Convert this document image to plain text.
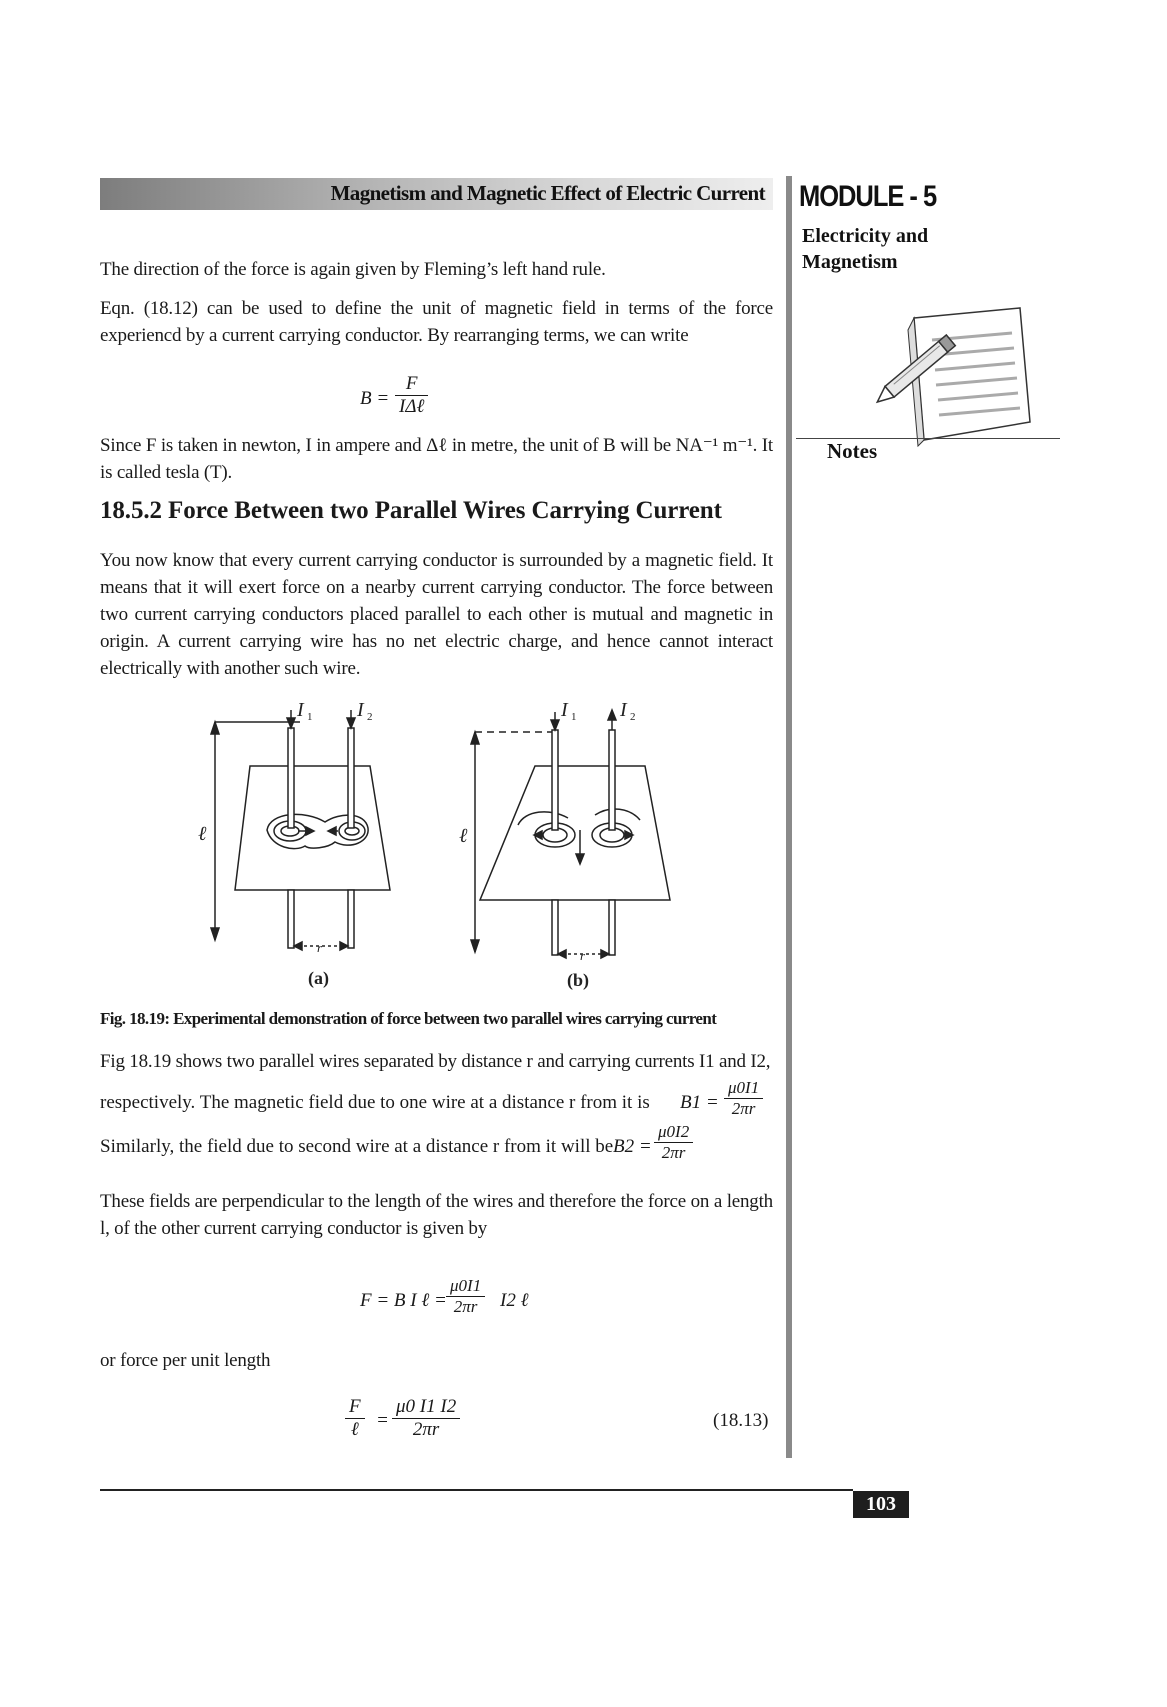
Magnetism and Magnetic Effect of Electric Current MODULE - 5
Electricity and
Magnetism
Notes

The direction of the force is again given by Fleming’s left hand rule.

Eqn. (18.12) can be used to define the unit of magnetic field in terms of the force experiencd by a current carrying conductor. By rearranging terms, we can write

B =
F
IΔℓ

Since F is taken in newton, I in ampere and Δℓ in metre, the unit of B will be NA⁻¹ m⁻¹. It is called tesla (T).

18.5.2 Force Between two Parallel Wires Carrying Current

You now know that every current carrying conductor is surrounded by a magnetic field. It means that it will exert force on a nearby current carrying conductor. The force between two current carrying conductors placed parallel to each other is mutual and magnetic in origin. A current carrying wire has no net electric charge, and hence cannot interact electrically with another such wire.

ℓ
I 1 I 2
r
(a)
ℓ
I 1 I 2
r
(b)
Fig. 18.19: Experimental demonstration of force between two parallel wires carrying current

Fig 18.19 shows two parallel wires separated by distance r and carrying currents I1 and I2,

respectively. The magnetic field due to one wire at a distance r from it is $B1 = \frac{\mu 0I1}{2\pi r}$
Similarly, the field due to second wire at a distance r from it will be $B2 = \frac{\mu 0I2}{2\pi r}$

These fields are perpendicular to the length of the wires and therefore the force on a length l, of the other current carrying conductor is given by

F = B I ℓ = $\frac{\mu 0I1}{2\pi r} I2$ ℓ

or force per unit length

F
ℓ = $\frac{\mu 0 I1 I2}{2\pi r}$	(18.13)
103
